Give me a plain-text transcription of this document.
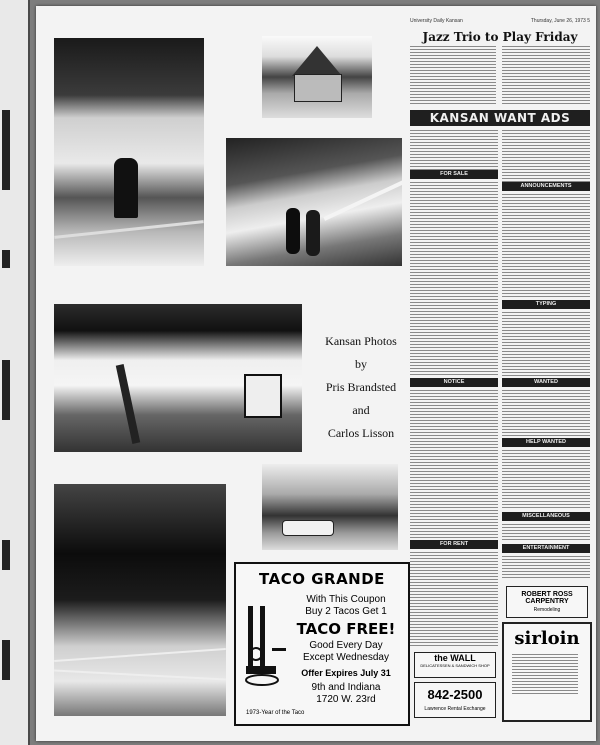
Kansan Photos
by
Pris Brandsted
and
Carlos Lisson
TACO GRANDE
With This Coupon
Buy 2 Tacos Get 1
TACO FREE!
Good Every Day
Except Wednesday
Offer Expires July 31
9th and Indiana
1720 W. 23rd
1973-Year of the Taco
University Daily Kansan	Thursday, June 26, 1973 5
Jazz Trio to Play Friday
KANSAN WANT ADS
FOR SALE
NOTICE
FOR RENT
ANNOUNCEMENTS
TYPING
WANTED
HELP WANTED
MISCELLANEOUS
ENTERTAINMENT
the WALL
DELICATESSEN & SANDWICH SHOP
842-2500
Lawrence Rental Exchange
ROBERT ROSS CARPENTRY
Remodeling
sirloin
